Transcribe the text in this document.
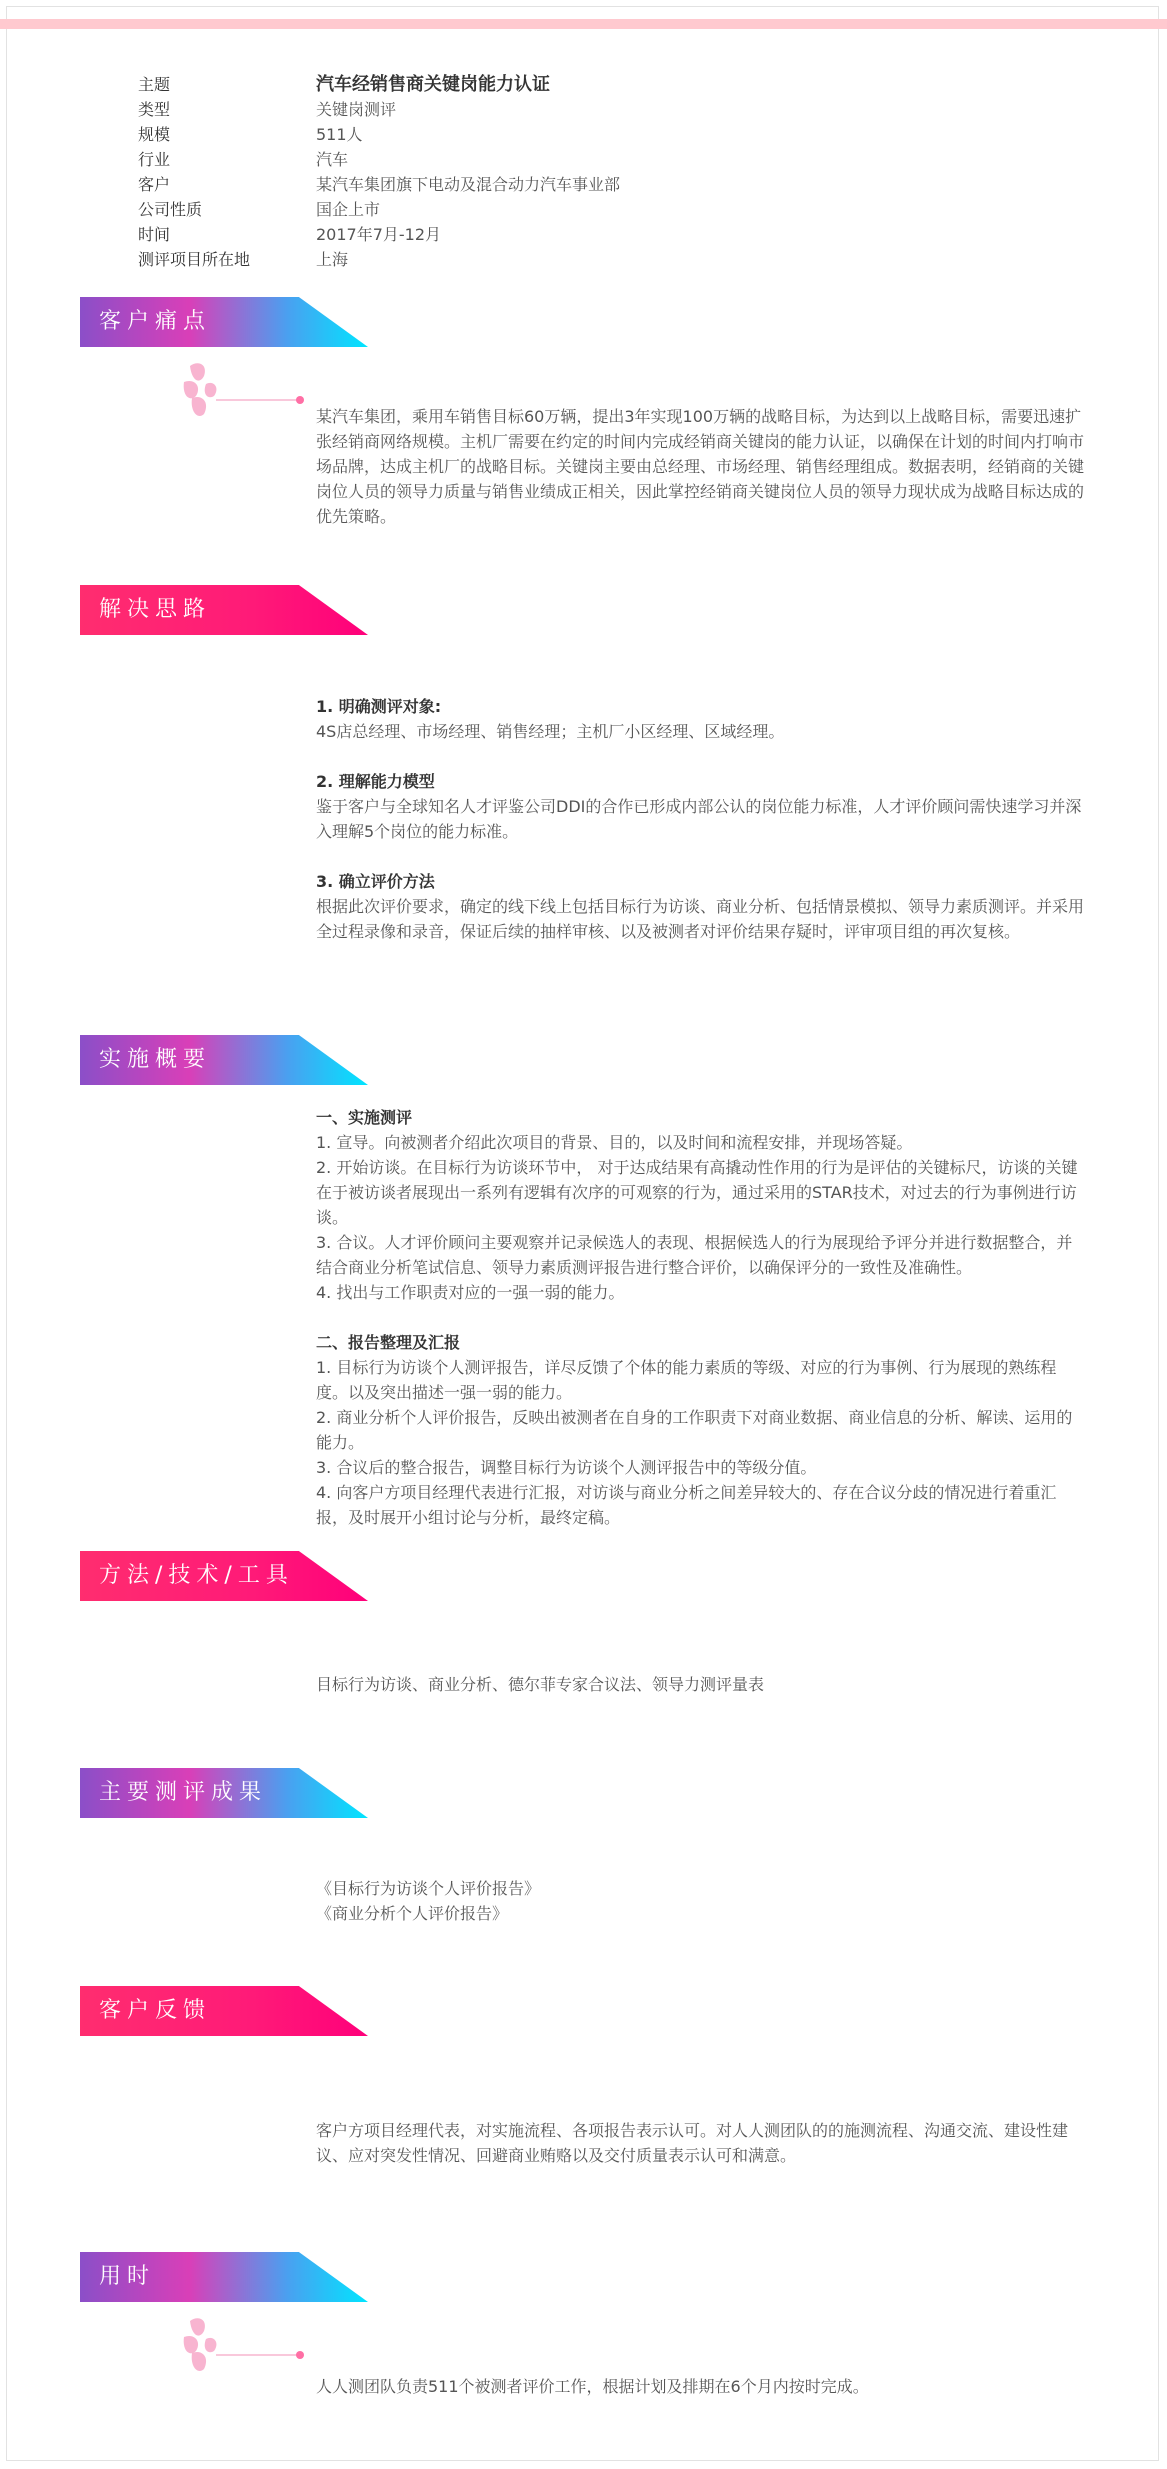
主题	汽车经销售商关键岗能力认证
类型	关键岗测评
规模	511人
行业	汽车
客户	某汽车集团旗下电动及混合动力汽车事业部
公司性质	国企上市
时间	2017年7月-12月
测评项目所在地	上海
客户痛点
某汽车集团，乘用车销售目标60万辆，提出3年实现100万辆的战略目标，为达到以上战略目标，需要迅速扩张经销商网络规模。主机厂需要在约定的时间内完成经销商关键岗的能力认证，以确保在计划的时间内打响市场品牌，达成主机厂的战略目标。关键岗主要由总经理、市场经理、销售经理组成。数据表明，经销商的关键岗位人员的领导力质量与销售业绩成正相关，因此掌控经销商关键岗位人员的领导力现状成为战略目标达成的优先策略。
解决思路

1. 明确测评对象:

4S店总经理、市场经理、销售经理；主机厂小区经理、区域经理。

2. 理解能力模型

鉴于客户与全球知名人才评鉴公司DDI的合作已形成内部公认的岗位能力标准，人才评价顾问需快速学习并深入理解5个岗位的能力标准。

3. 确立评价方法

根据此次评价要求，确定的线下线上包括目标行为访谈、商业分析、包括情景模拟、领导力素质测评。并采用全过程录像和录音，保证后续的抽样审核、以及被测者对评价结果存疑时，评审项目组的再次复核。

实施概要

一、实施测评

1. 宣导。向被测者介绍此次项目的背景、目的，以及时间和流程安排，并现场答疑。

2. 开始访谈。在目标行为访谈环节中， 对于达成结果有高撬动性作用的行为是评估的关键标尺，访谈的关键在于被访谈者展现出一系列有逻辑有次序的可观察的行为，通过采用的STAR技术，对过去的行为事例进行访谈。

3. 合议。人才评价顾问主要观察并记录候选人的表现、根据候选人的行为展现给予评分并进行数据整合，并结合商业分析笔试信息、领导力素质测评报告进行整合评价，以确保评分的一致性及准确性。

4. 找出与工作职责对应的一强一弱的能力。

二、报告整理及汇报

1. 目标行为访谈个人测评报告，详尽反馈了个体的能力素质的等级、对应的行为事例、行为展现的熟练程度。以及突出描述一强一弱的能力。

2. 商业分析个人评价报告，反映出被测者在自身的工作职责下对商业数据、商业信息的分析、解读、运用的能力。

3. 合议后的整合报告，调整目标行为访谈个人测评报告中的等级分值。

4. 向客户方项目经理代表进行汇报，对访谈与商业分析之间差异较大的、存在合议分歧的情况进行着重汇报，及时展开小组讨论与分析，最终定稿。

方法/技术/工具
目标行为访谈、商业分析、德尔菲专家合议法、领导力测评量表
主要测评成果

《目标行为访谈个人评价报告》

《商业分析个人评价报告》

客户反馈
客户方项目经理代表，对实施流程、各项报告表示认可。对人人测团队的的施测流程、沟通交流、建设性建议、应对突发性情况、回避商业贿赂以及交付质量表示认可和满意。
用时
人人测团队负责511个被测者评价工作，根据计划及排期在6个月内按时完成。
